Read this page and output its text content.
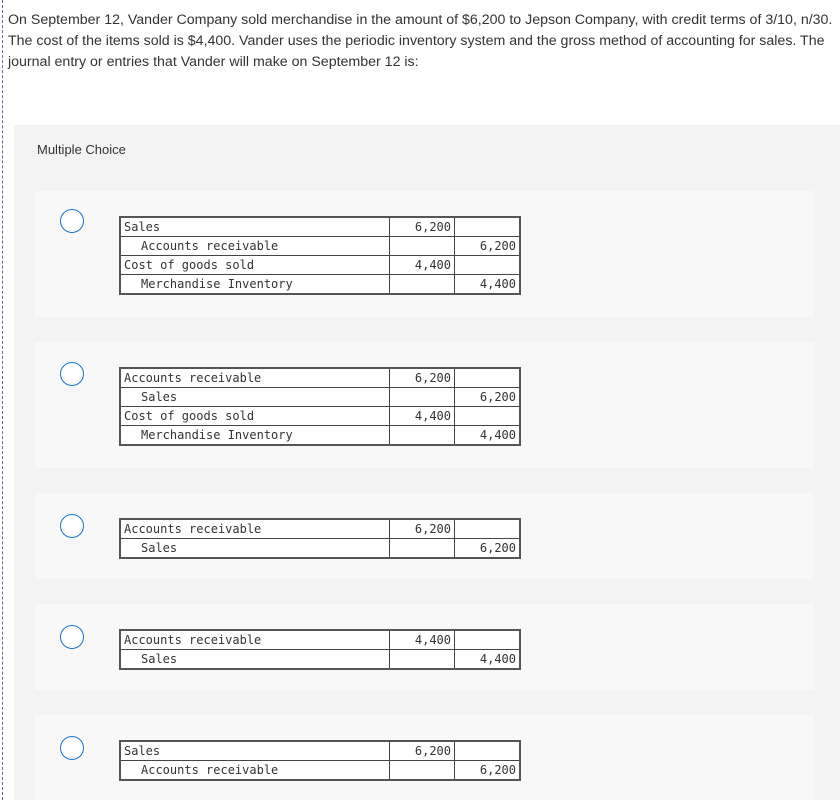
On September 12, Vander Company sold merchandise in the amount of $6,200 to Jepson Company, with credit terms of 3/10, n/30. The cost of the items sold is $4,400. Vander uses the periodic inventory system and the gross method of accounting for sales. The journal entry or entries that Vander will make on September 12 is:
Multiple Choice
Sales	6,200	
Accounts receivable		6,200
Cost of goods sold	4,400	
Merchandise Inventory		4,400
Accounts receivable	6,200	
Sales		6,200
Cost of goods sold	4,400	
Merchandise Inventory		4,400
Accounts receivable	6,200	
Sales		6,200
Accounts receivable	4,400	
Sales		4,400
Sales	6,200	
Accounts receivable		6,200
